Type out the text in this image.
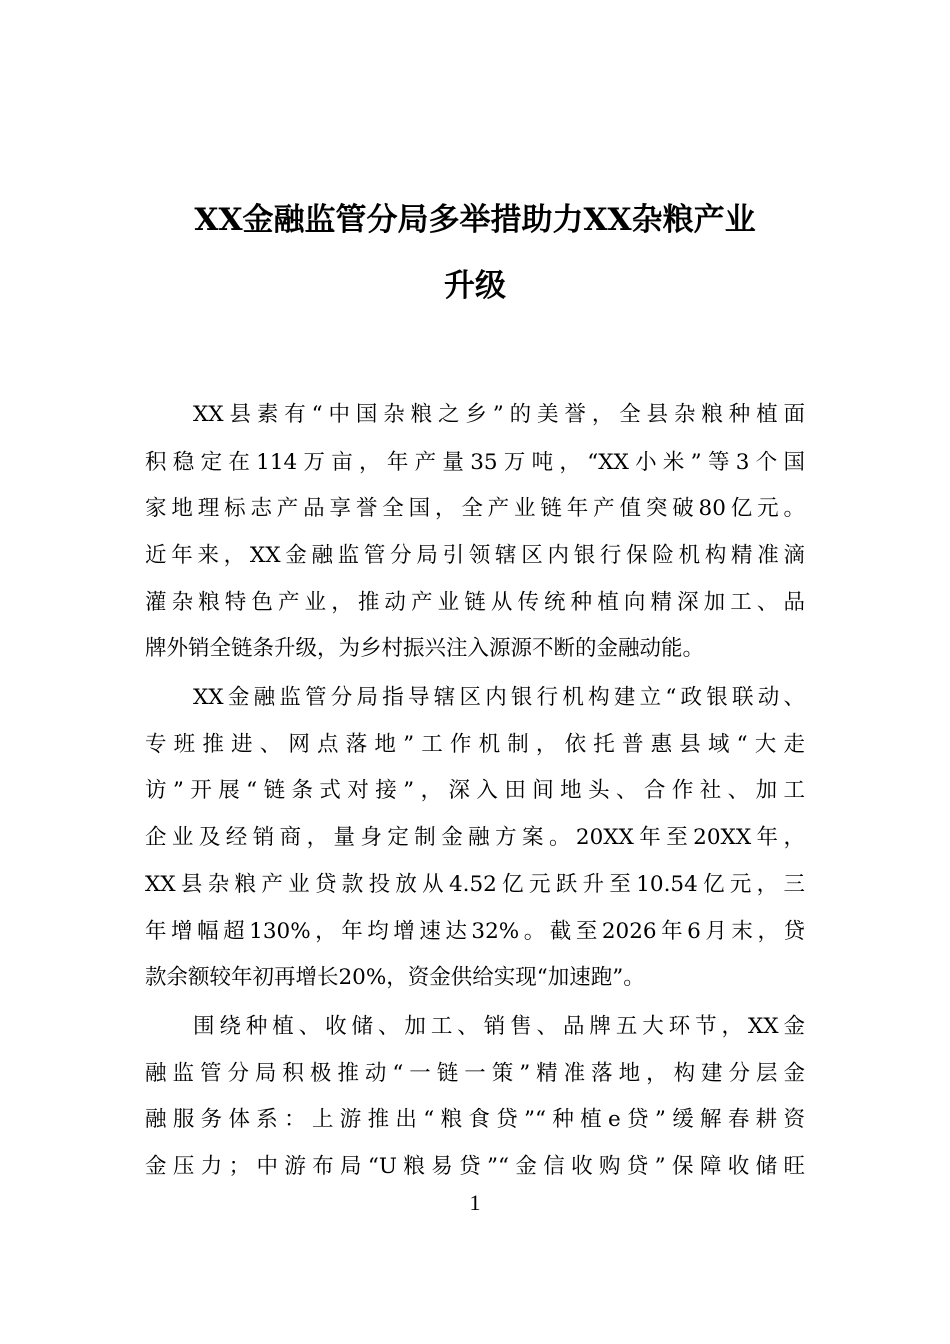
XX金融监管分局多举措助力XX杂粮产业
升级
XX县素有“中国杂粮之乡”的美誉，全县杂粮种植面
积稳定在114万亩，年产量35万吨，“XX小米”等3个国
家地理标志产品享誉全国，全产业链年产值突破80亿元。
近年来，XX金融监管分局引领辖区内银行保险机构精准滴
灌杂粮特色产业，推动产业链从传统种植向精深加工、品
牌外销全链条升级，为乡村振兴注入源源不断的金融动能。
XX金融监管分局指导辖区内银行机构建立“政银联动、
专班推进、网点落地”工作机制，依托普惠县域“大走
访”开展“链条式对接”，深入田间地头、合作社、加工
企业及经销商，量身定制金融方案。20XX年至20XX年，
XX县杂粮产业贷款投放从4.52亿元跃升至10.54亿元，三
年增幅超130%，年均增速达32%。截至2026年6月末，贷
款余额较年初再增长20%，资金供给实现“加速跑”。
围绕种植、收储、加工、销售、品牌五大环节，XX金
融监管分局积极推动“一链一策”精准落地，构建分层金
融服务体系：上游推出“粮食贷”“种植e贷”缓解春耕资
金压力；中游布局“U粮易贷”“金信收购贷”保障收储旺
1
